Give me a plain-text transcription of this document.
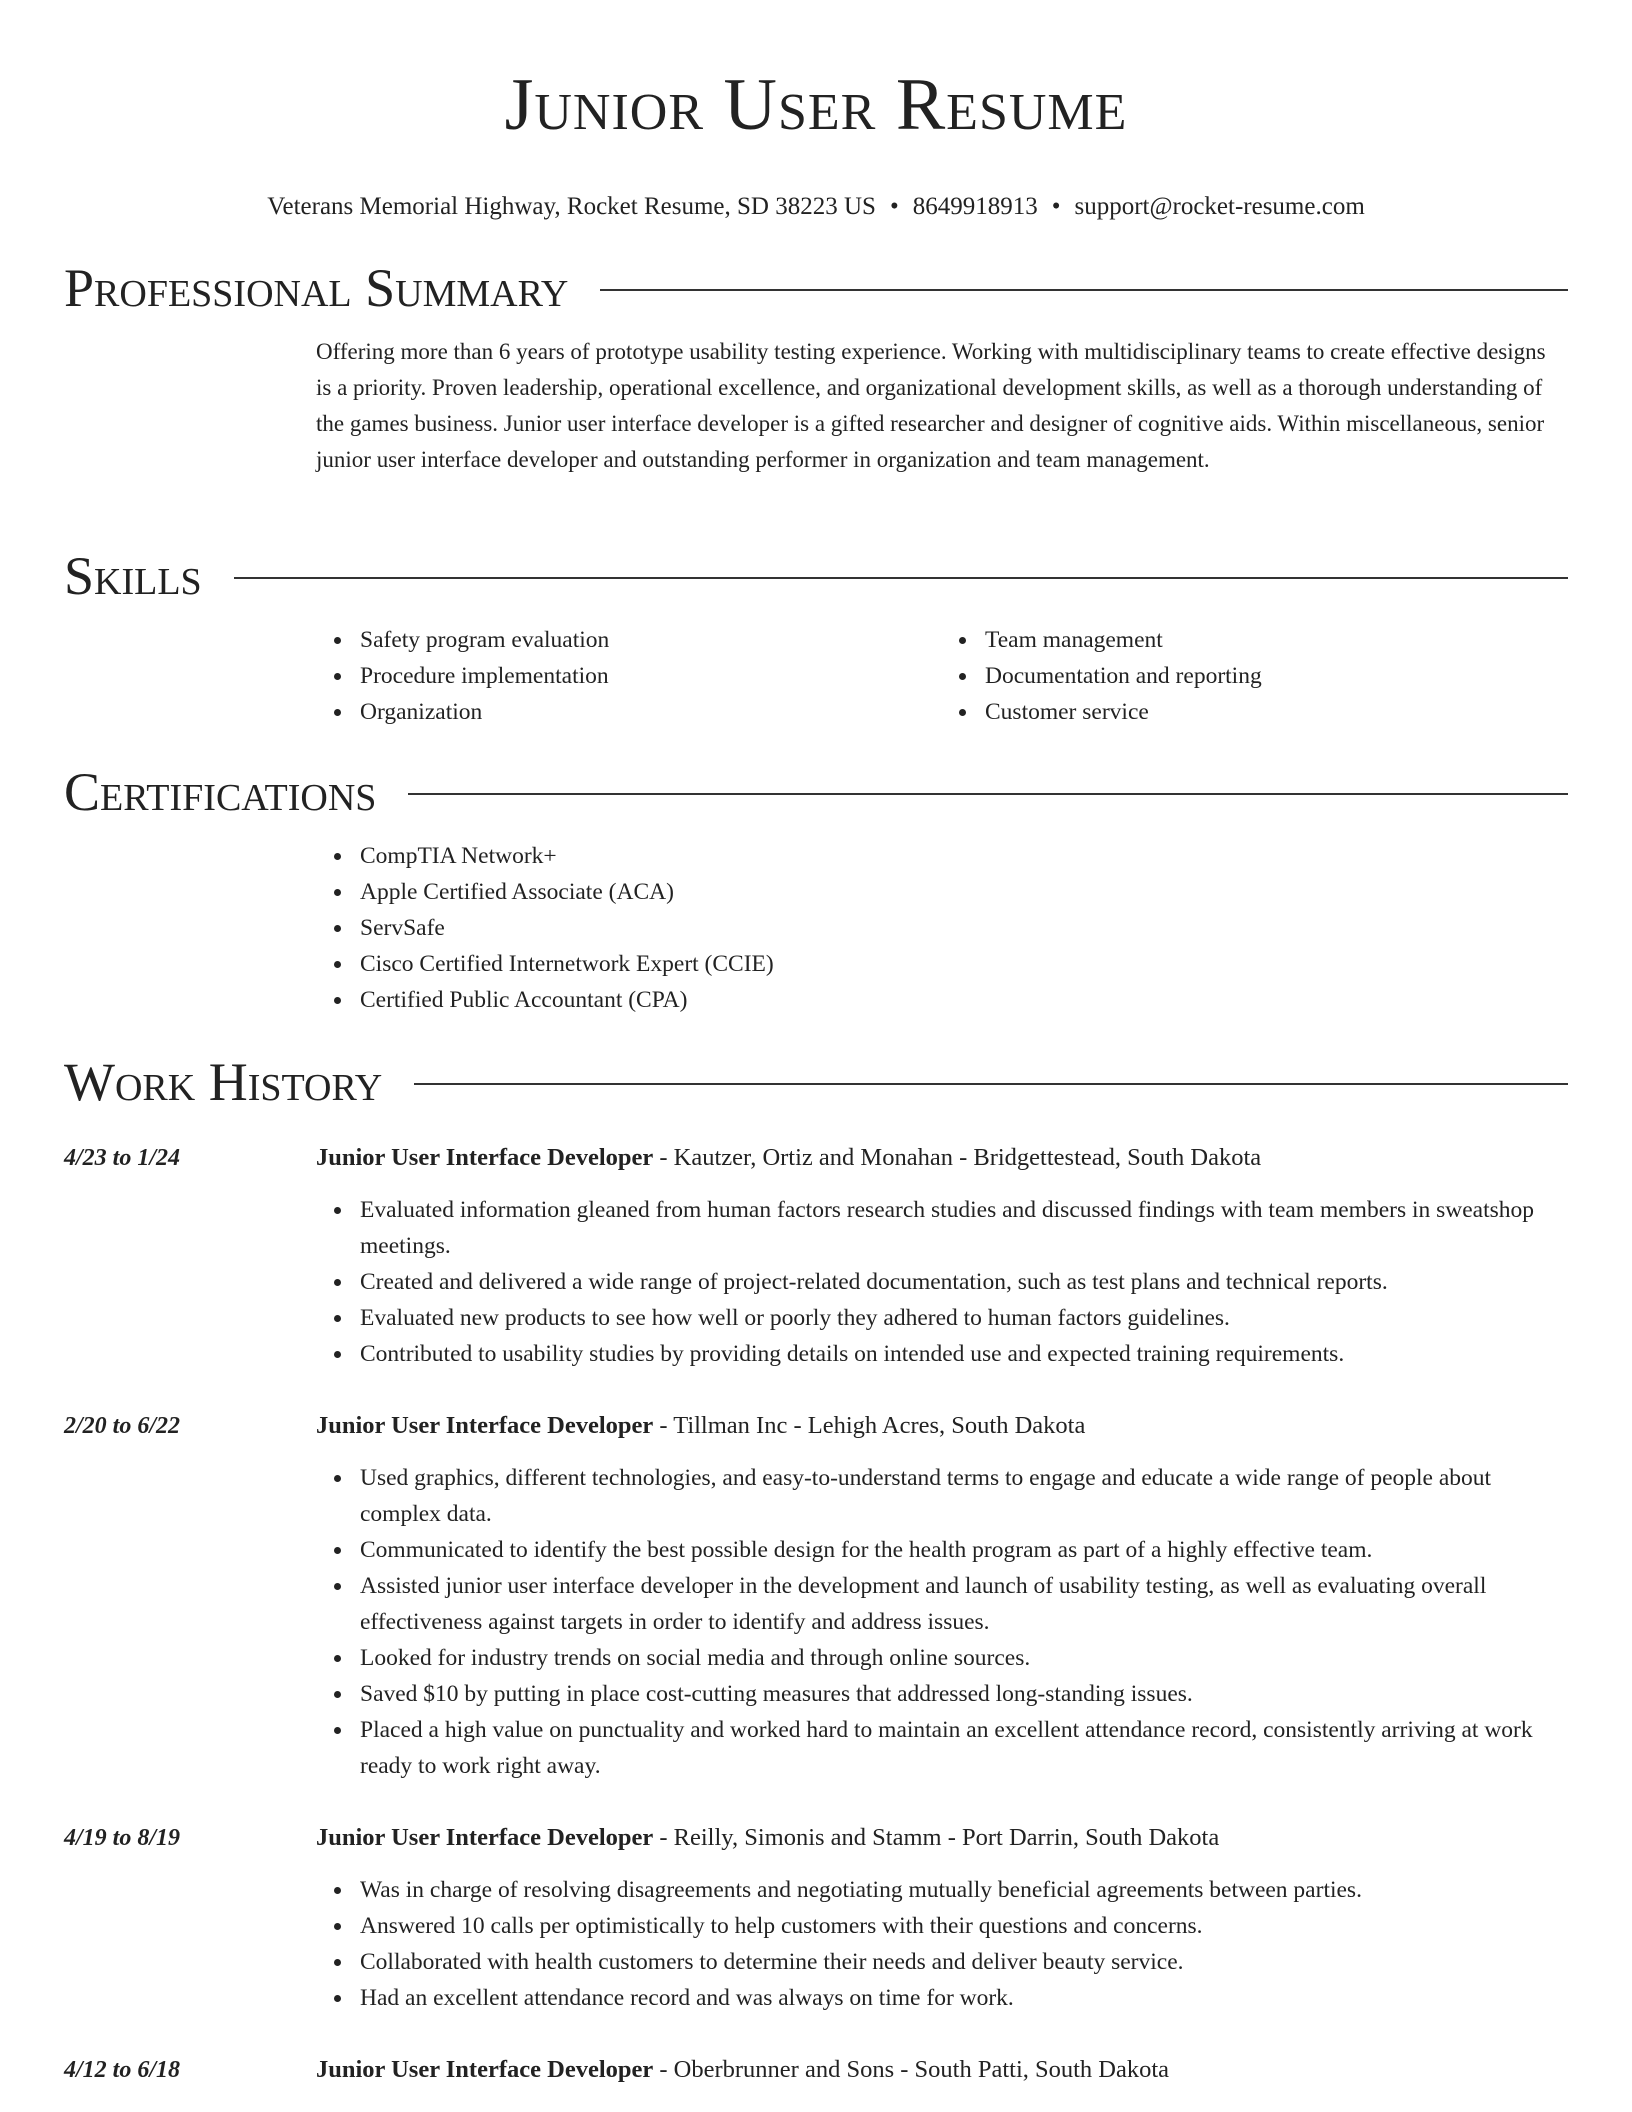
Junior User Resume
Veterans Memorial Highway, Rocket Resume, SD 38223 US • 8649918913 • support@rocket-resume.com
Professional Summary

Offering more than 6 years of prototype usability testing experience. Working with multidisciplinary teams to create effective designs is a priority. Proven leadership, operational excellence, and organizational development skills, as well as a thorough understanding of the games business. Junior user interface developer is a gifted researcher and designer of cognitive aids. Within miscellaneous, senior junior user interface developer and outstanding performer in organization and team management.

Skills
Safety program evaluation
Procedure implementation
Organization
Team management
Documentation and reporting
Customer service
Certifications
CompTIA Network+
Apple Certified Associate (ACA)
ServSafe
Cisco Certified Internetwork Expert (CCIE)
Certified Public Accountant (CPA)
Work History
4/23 to 1/24	Junior User Interface Developer - Kautzer, Ortiz and Monahan - Bridgettestead, South Dakota
Evaluated information gleaned from human factors research studies and discussed findings with team members in sweatshop meetings.
Created and delivered a wide range of project-related documentation, such as test plans and technical reports.
Evaluated new products to see how well or poorly they adhered to human factors guidelines.
Contributed to usability studies by providing details on intended use and expected training requirements.
2/20 to 6/22	Junior User Interface Developer - Tillman Inc - Lehigh Acres, South Dakota
Used graphics, different technologies, and easy-to-understand terms to engage and educate a wide range of people about complex data.
Communicated to identify the best possible design for the health program as part of a highly effective team.
Assisted junior user interface developer in the development and launch of usability testing, as well as evaluating overall effectiveness against targets in order to identify and address issues.
Looked for industry trends on social media and through online sources.
Saved $10 by putting in place cost-cutting measures that addressed long-standing issues.
Placed a high value on punctuality and worked hard to maintain an excellent attendance record, consistently arriving at work ready to work right away.
4/19 to 8/19	Junior User Interface Developer - Reilly, Simonis and Stamm - Port Darrin, South Dakota
Was in charge of resolving disagreements and negotiating mutually beneficial agreements between parties.
Answered 10 calls per optimistically to help customers with their questions and concerns.
Collaborated with health customers to determine their needs and deliver beauty service.
Had an excellent attendance record and was always on time for work.
4/12 to 6/18	Junior User Interface Developer - Oberbrunner and Sons - South Patti, South Dakota
